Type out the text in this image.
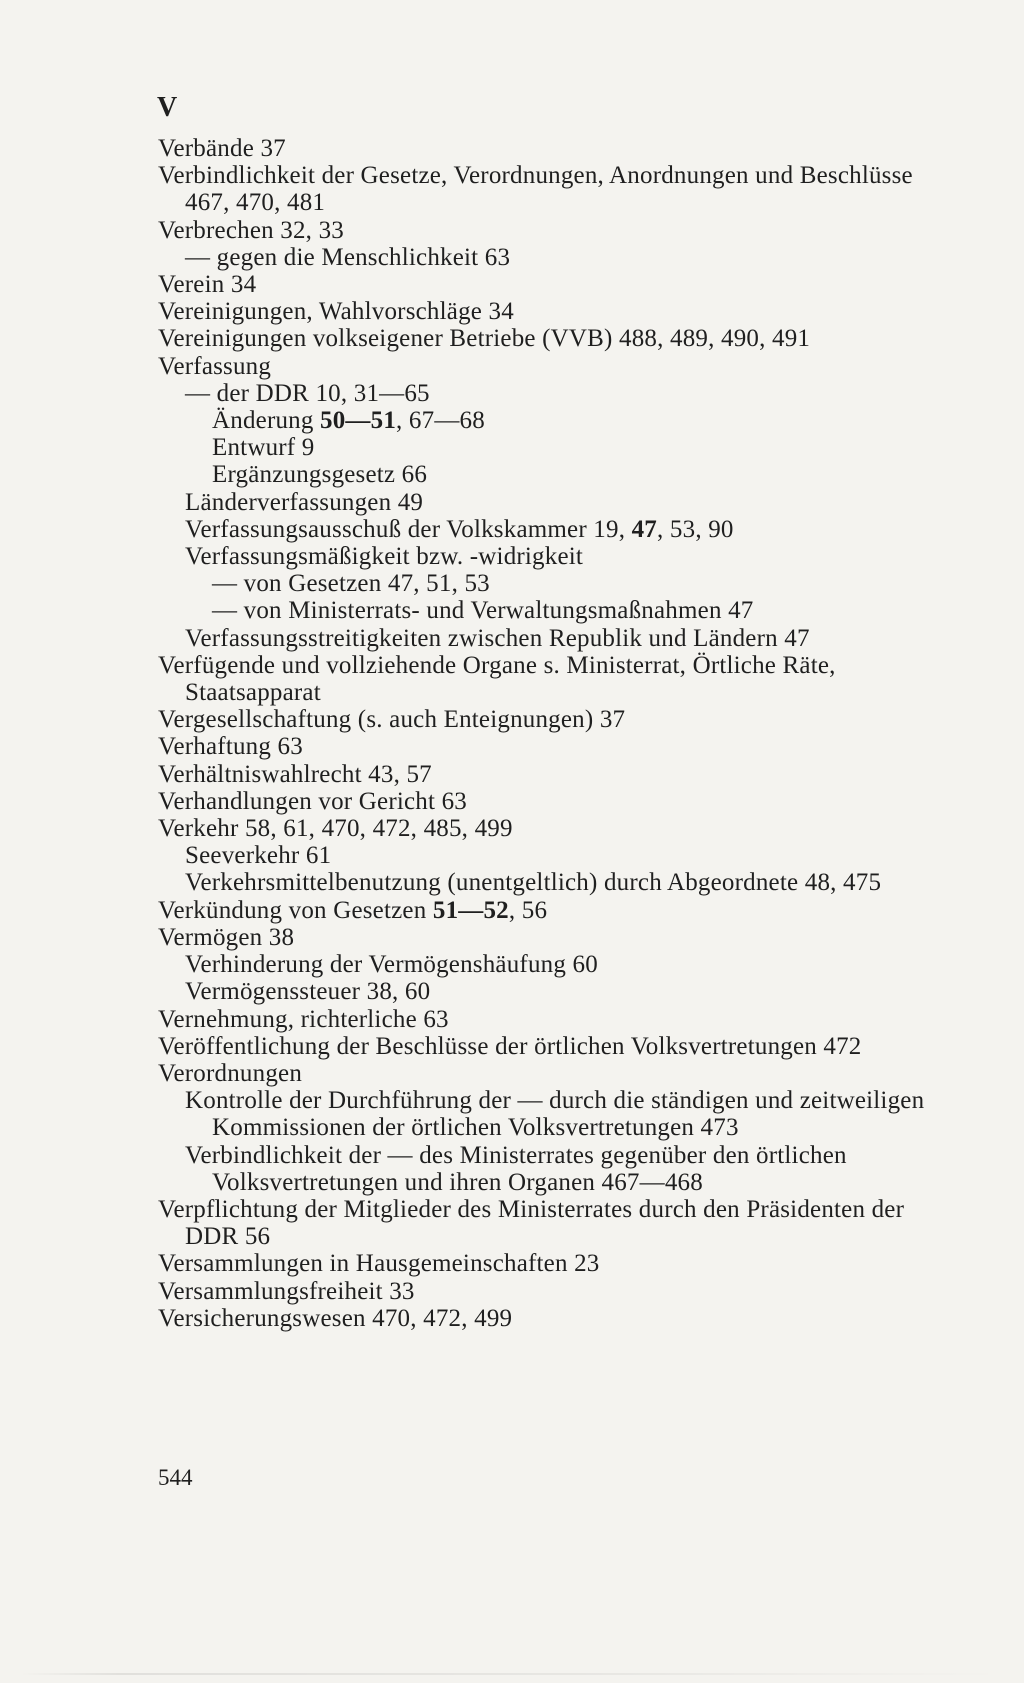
V

Verbände 37

Verbindlichkeit der Gesetze, Verordnungen, Anordnungen und Beschlüsse 467, 470, 481

Verbrechen 32, 33

— gegen die Menschlichkeit 63

Verein 34

Vereinigungen, Wahlvorschläge 34

Vereinigungen volkseigener Betriebe (VVB) 488, 489, 490, 491

Verfassung

— der DDR 10, 31—65

Änderung 50—51, 67—68

Entwurf 9

Ergänzungsgesetz 66

Länderverfassungen 49

Verfassungsausschuß der Volkskammer 19, 47, 53, 90

Verfassungsmäßigkeit bzw. -widrigkeit

— von Gesetzen 47, 51, 53

— von Ministerrats- und Verwaltungsmaßnahmen 47

Verfassungsstreitigkeiten zwischen Republik und Ländern 47

Verfügende und vollziehende Organe s. Ministerrat, Örtliche Räte, Staatsapparat

Vergesellschaftung (s. auch Enteignungen) 37

Verhaftung 63

Verhältniswahlrecht 43, 57

Verhandlungen vor Gericht 63

Verkehr 58, 61, 470, 472, 485, 499

Seeverkehr 61

Verkehrsmittelbenutzung (unentgeltlich) durch Abgeordnete 48, 475

Verkündung von Gesetzen 51—52, 56

Vermögen 38

Verhinderung der Vermögenshäufung 60

Vermögenssteuer 38, 60

Vernehmung, richterliche 63

Veröffentlichung der Beschlüsse der örtlichen Volksvertretungen 472

Verordnungen

Kontrolle der Durchführung der — durch die ständigen und zeitweiligen Kommissionen der örtlichen Volksvertretungen 473

Verbindlichkeit der — des Ministerrates gegenüber den örtlichen Volksvertretungen und ihren Organen 467—468

Verpflichtung der Mitglieder des Ministerrates durch den Präsidenten der DDR 56

Versammlungen in Hausgemeinschaften 23

Versammlungsfreiheit 33

Versicherungswesen 470, 472, 499

544
